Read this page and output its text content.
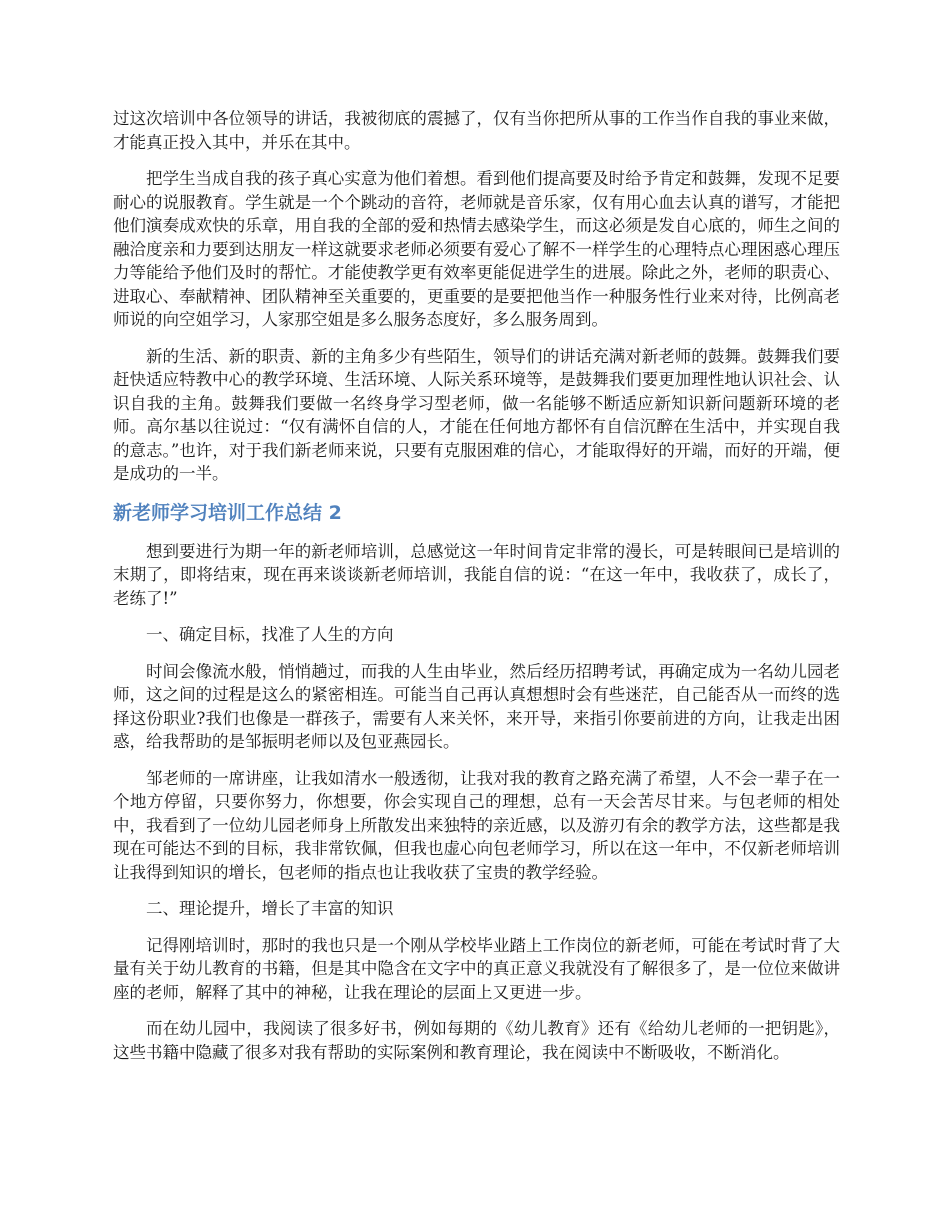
过这次培训中各位领导的讲话，我被彻底的震撼了，仅有当你把所从事的工作当作自我的事业来做，才能真正投入其中，并乐在其中。

把学生当成自我的孩子真心实意为他们着想。看到他们提高要及时给予肯定和鼓舞，发现不足要耐心的说服教育。学生就是一个个跳动的音符，老师就是音乐家，仅有用心血去认真的谱写，才能把他们演奏成欢快的乐章，用自我的全部的爱和热情去感染学生，而这必须是发自心底的，师生之间的融洽度亲和力要到达朋友一样这就要求老师必须要有爱心了解不一样学生的心理特点心理困惑心理压力等能给予他们及时的帮忙。才能使教学更有效率更能促进学生的进展。除此之外，老师的职责心、进取心、奉献精神、团队精神至关重要的，更重要的是要把他当作一种服务性行业来对待，比例高老师说的向空姐学习，人家那空姐是多么服务态度好，多么服务周到。

新的生活、新的职责、新的主角多少有些陌生，领导们的讲话充满对新老师的鼓舞。鼓舞我们要赶快适应特教中心的教学环境、生活环境、人际关系环境等，是鼓舞我们要更加理性地认识社会、认识自我的主角。鼓舞我们要做一名终身学习型老师，做一名能够不断适应新知识新问题新环境的老师。高尔基以往说过：“仅有满怀自信的人，才能在任何地方都怀有自信沉醉在生活中，并实现自我的意志。”也许，对于我们新老师来说，只要有克服困难的信心，才能取得好的开端，而好的开端，便是成功的一半。

新老师学习培训工作总结 2

想到要进行为期一年的新老师培训，总感觉这一年时间肯定非常的漫长，可是转眼间已是培训的末期了，即将结束，现在再来谈谈新老师培训，我能自信的说：“在这一年中，我收获了，成长了，老练了!”

一、确定目标，找准了人生的方向

时间会像流水般，悄悄趟过，而我的人生由毕业，然后经历招聘考试，再确定成为一名幼儿园老师，这之间的过程是这么的紧密相连。可能当自己再认真想想时会有些迷茫，自己能否从一而终的选择这份职业?我们也像是一群孩子，需要有人来关怀，来开导，来指引你要前进的方向，让我走出困惑，给我帮助的是邹振明老师以及包亚燕园长。

邹老师的一席讲座，让我如清水一般透彻，让我对我的教育之路充满了希望，人不会一辈子在一个地方停留，只要你努力，你想要，你会实现自己的理想，总有一天会苦尽甘来。与包老师的相处中，我看到了一位幼儿园老师身上所散发出来独特的亲近感，以及游刃有余的教学方法，这些都是我现在可能达不到的目标，我非常钦佩，但我也虚心向包老师学习，所以在这一年中，不仅新老师培训让我得到知识的增长，包老师的指点也让我收获了宝贵的教学经验。

二、理论提升，增长了丰富的知识

记得刚培训时，那时的我也只是一个刚从学校毕业踏上工作岗位的新老师，可能在考试时背了大量有关于幼儿教育的书籍，但是其中隐含在文字中的真正意义我就没有了解很多了，是一位位来做讲座的老师，解释了其中的神秘，让我在理论的层面上又更进一步。

而在幼儿园中，我阅读了很多好书，例如每期的《幼儿教育》还有《给幼儿老师的一把钥匙》，这些书籍中隐藏了很多对我有帮助的实际案例和教育理论，我在阅读中不断吸收，不断消化。
